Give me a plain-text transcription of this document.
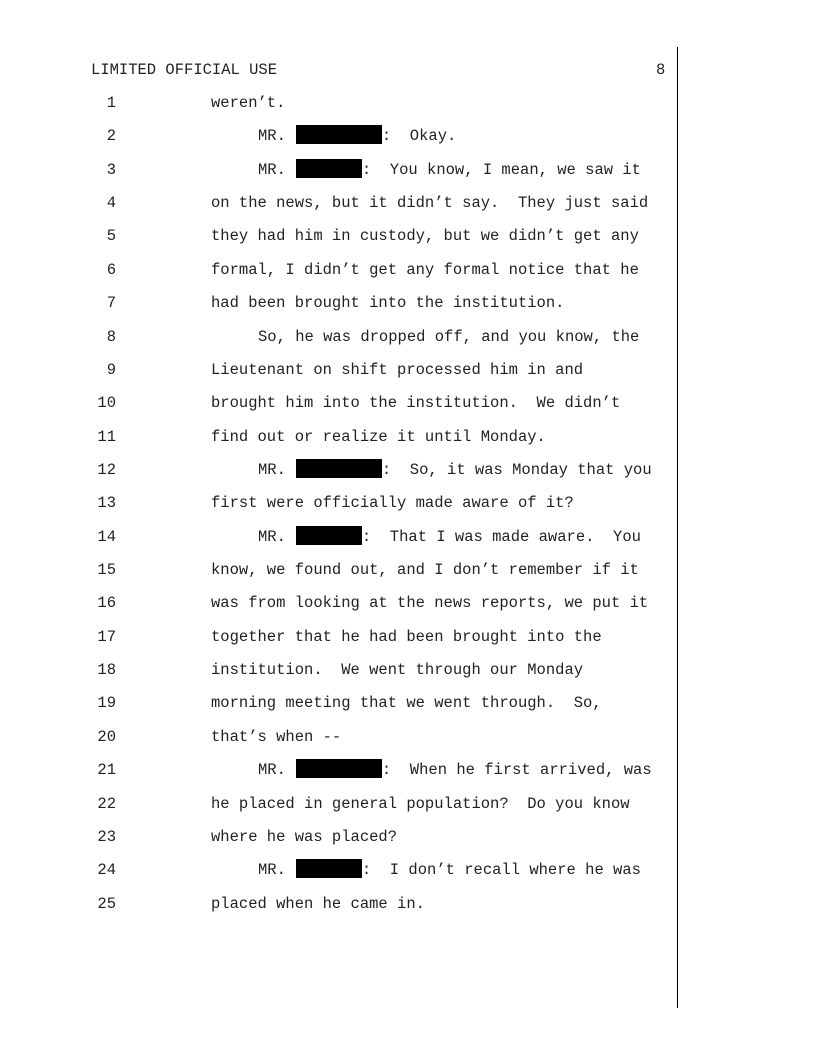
LIMITED OFFICIAL USE	8
1	weren’t.
2	MR.	:  Okay.
3	MR.	:  You know, I mean, we saw it
4	on the news, but it didn’t say.  They just said
5	they had him in custody, but we didn’t get any
6	formal, I didn’t get any formal notice that he
7	had been brought into the institution.
8	So, he was dropped off, and you know, the
9	Lieutenant on shift processed him in and
10	brought him into the institution.  We didn’t
11	find out or realize it until Monday.
12	MR.	:  So, it was Monday that you
13	first were officially made aware of it?
14	MR.	:  That I was made aware.  You
15	know, we found out, and I don’t remember if it
16	was from looking at the news reports, we put it
17	together that he had been brought into the
18	institution.  We went through our Monday
19	morning meeting that we went through.  So,
20	that’s when --
21	MR.	:  When he first arrived, was
22	he placed in general population?  Do you know
23	where he was placed?
24	MR.	:  I don’t recall where he was
25	placed when he came in.
